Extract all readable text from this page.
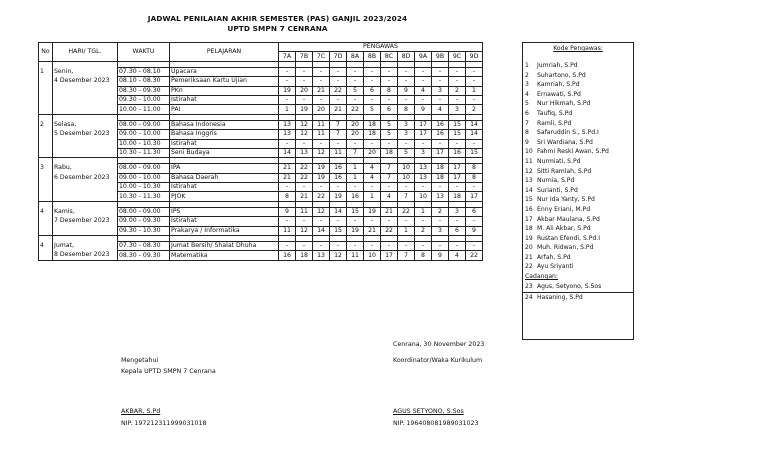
JADWAL PENILAIAN AKHIR SEMESTER (PAS) GANJIL 2023/2024
UPTD SMPN 7 CENRANA
No	HARI/ TGL.	WAKTU	PELAJARAN	PENGAWAS											
				7A	7B	7C	7D	8A	8B	8C	8D	9A	9B	9C	9D

1	Senin,	07.30 - 08.10	Upacara	-	-	-	-	-	-	-	-	-	-	-	-
	4 Desember 2023	08.10 - 08.30	Pemeriksaan Kartu Ujian	-	-	-	-	-	-	-	-	-	-	-	-
		08.30 - 09.30	PKn	19	20	21	22	5	6	8	9	4	3	2	1
		09.30 - 10.00	Istirahat	-	-	-	-	-	-	-	-	-	-	-	-
		10.00 - 11.00	PAI	1	19	20	21	22	5	6	8	9	4	3	2

2	Selasa,	08.00 - 09.00	Bahasa Indonesia	13	12	11	7	20	18	5	3	17	16	15	14
	5 Desember 2023	09.00 - 10.00	Bahasa Inggris	13	12	11	7	20	18	5	3	17	16	15	14
		10.00 - 10.30	Istirahat	-	-	-	-	-	-	-	-	-	-	-	-
		10.30 - 11.30	Seni Budaya	14	13	12	11	7	20	18	5	3	17	16	15

3	Rabu,	08.00 - 09.00	IPA	21	22	19	16	1	4	7	10	13	18	17	8
	6 Desember 2023	09.00 - 10.00	Bahasa Daerah	21	22	19	16	1	4	7	10	13	18	17	8
		10.00 - 10.30	Istirahat	-	-	-	-	-	-	-	-	-	-	-	-
		10.30 - 11.30	PJOK	8	21	22	19	16	1	4	7	10	13	18	17

4	Kamis,	08.00 - 09.00	IPS	9	11	12	14	15	19	21	22	1	2	3	6
	7 Desember 2023	09.00 - 09.30	Istirahat	-	-	-	-	-	-	-	-	-	-	-	-
		09.30 - 10.30	Prakarya / Informatika	11	12	14	15	19	21	22	1	2	3	6	9

4	Jumat,	07.30 - 08.30	Jumat Bersih/ Shalat Dhuha	-	-	-	-	-	-	-	-	-	-	-	-
	8 Desember 2023	08.30 - 09.30	Matematika	16	18	13	12	11	10	17	7	8	9	4	22
Kode Pengawas:
1 Jumriah, S.Pd
2 Suhartono, S.Pd
3 Kamriah, S.Pd
4 Ernawati, S.Pd
5 Nur Hikmah, S.Pd
6 Taufiq, S.Pd
7 Ramli, S.Pd
8 Safaruddin S., S.Pd.I
9 Sri Wardiana, S.Pd
10 Fahmi Reski Awan, S.Pd
11 Nurmiati, S.Pd
12 Sitti Ramlah, S.Pd
13 Nurnia, S.Pd
14 Surianti, S.Pd
15 Nur Ida Yanty, S.Pd
16 Enny Eriani, M.Pd
17 Akbar Maulana, S.Pd
18 M. Ali Akbar, S.Pd
19 Rustan Efendi, S.Pd.I
20 Muh. Ridwan, S.Pd
21 Arfah, S.Pd
22 Ayu Sriyanti
Cadangan:
23 Agus, Setyono, S.Sos
24 Hasaning, S.Pd
Cenrana, 30 November 2023
Mengetahui	Koordinator/Waka Kurikulum
Kepala UPTD SMPN 7 Cenrana
AKBAR, S.Pd	AGUS SETYONO, S.Sos
NIP. 197212311999031018	NIP. 196408081989031023
